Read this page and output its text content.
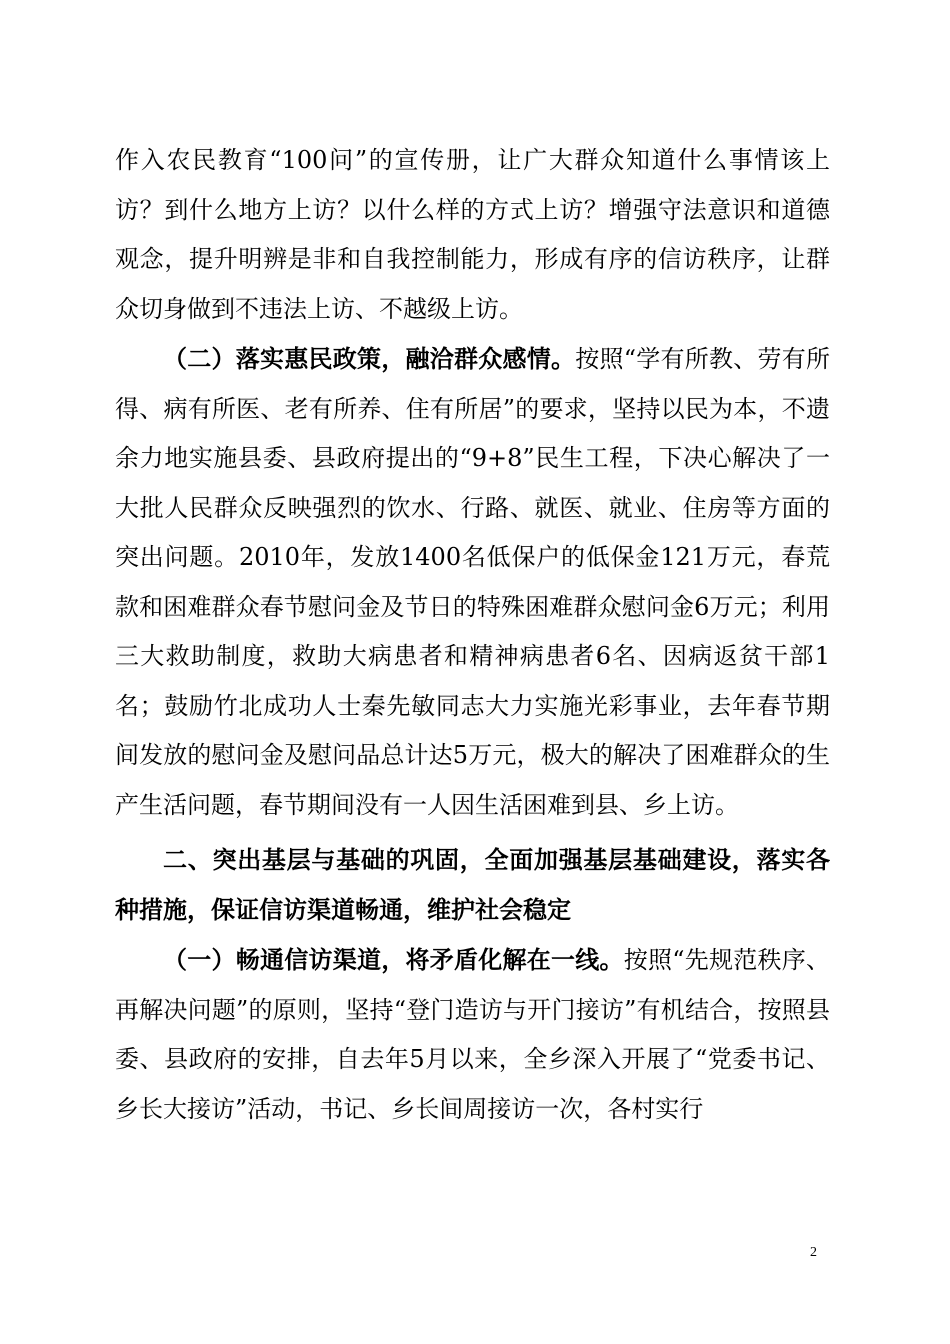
作入农民教育“100问”的宣传册，让广大群众知道什么事情该上访？到什么地方上访？以什么样的方式上访？增强守法意识和道德观念，提升明辨是非和自我控制能力，形成有序的信访秩序，让群众切身做到不违法上访、不越级上访。

（二）落实惠民政策，融洽群众感情。按照“学有所教、劳有所得、病有所医、老有所养、住有所居”的要求，坚持以民为本，不遗余力地实施县委、县政府提出的“9+8”民生工程，下决心解决了一大批人民群众反映强烈的饮水、行路、就医、就业、住房等方面的突出问题。2010年，发放1400名低保户的低保金121万元，春荒款和困难群众春节慰问金及节日的特殊困难群众慰问金6万元；利用三大救助制度，救助大病患者和精神病患者6名、因病返贫干部1名；鼓励竹北成功人士秦先敏同志大力实施光彩事业，去年春节期间发放的慰问金及慰问品总计达5万元，极大的解决了困难群众的生产生活问题，春节期间没有一人因生活困难到县、乡上访。

二、突出基层与基础的巩固，全面加强基层基础建设，落实各种措施，保证信访渠道畅通，维护社会稳定

（一）畅通信访渠道，将矛盾化解在一线。按照“先规范秩序、再解决问题”的原则，坚持“登门造访与开门接访”有机结合，按照县委、县政府的安排，自去年5月以来，全乡深入开展了“党委书记、乡长大接访”活动，书记、乡长间周接访一次，各村实行

2
